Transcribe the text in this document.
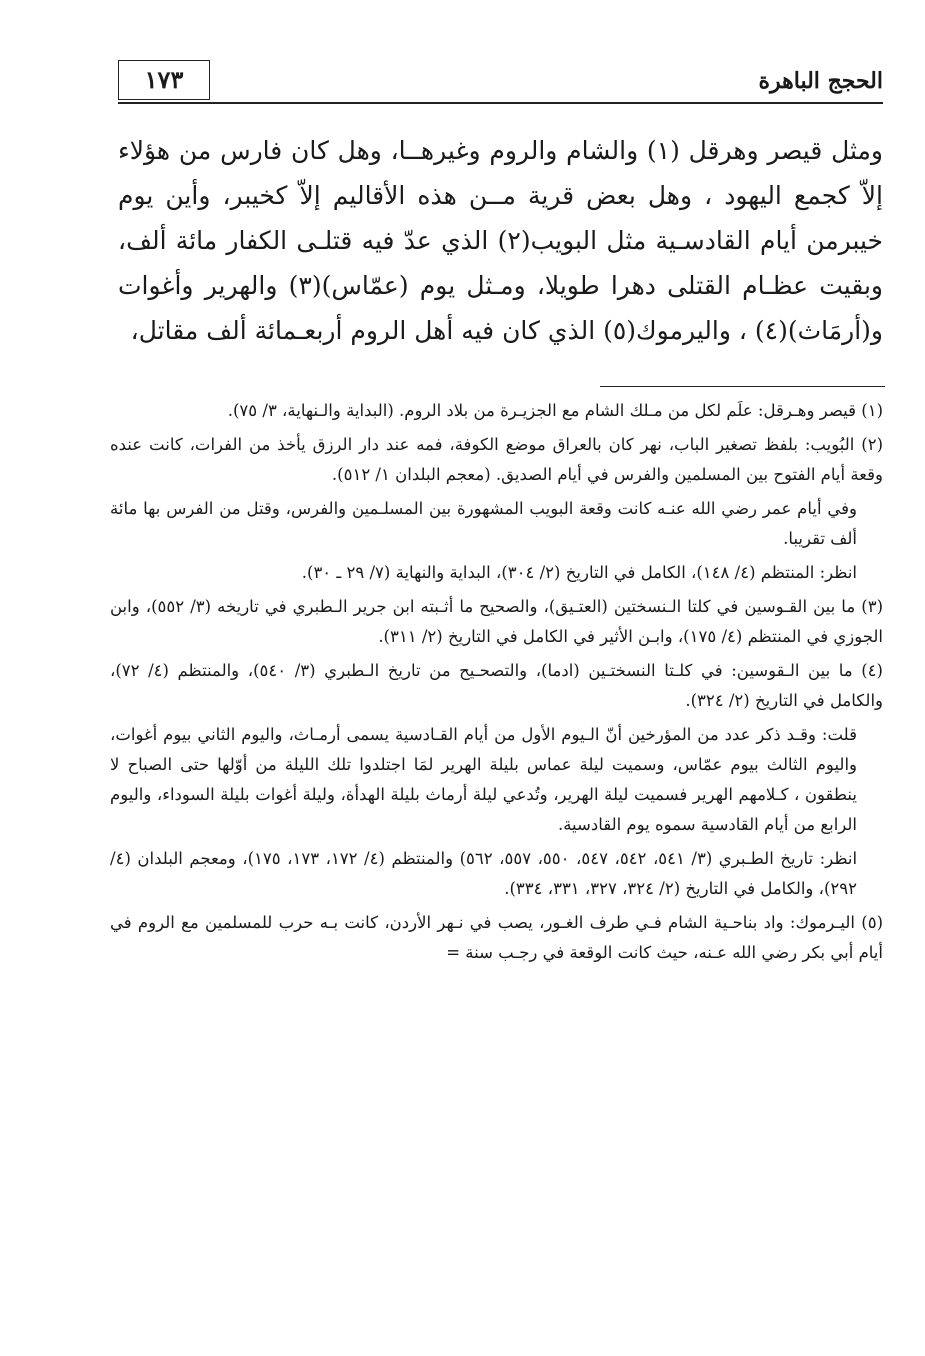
الحجج الباهرة
١٧٣

ومثل قيصر وهرقل (١) والشام والروم وغيرهــا، وهل كان فارس من هؤلاء إلاّ كجمع اليهود ، وهل بعض قرية مــن هذه الأقاليم إلاّ كخيبر، وأين يوم خيبرمن أيام القادسـية مثل البويب(٢) الذي عدّ فيه قتلـى الكفار مائة ألف، وبقيت عظـام القتلى دهرا طويلا، ومـثل يوم (عمّاس)(٣) والهرير وأغوات و(أرمَاث)(٤) ، واليرموك(٥) الذي كان فيه أهل الروم أربعـمائة ألف مقاتل،

(١) قيصر وهـرقل: علَم لكل من مـلك الشام مع الجزيـرة من بلاد الروم. (البداية والـنهاية، ٣/ ٧٥).

(٢) البُويب: بلفظ تصغير الباب، نهر كان بالعراق موضع الكوفة، فمه عند دار الرزق يأخذ من الفرات، كانت عنده وقعة أيام الفتوح بين المسلمين والفرس في أيام الصديق. (معجم البلدان ١/ ٥١٢).

وفي أيام عمر رضي الله عنـه كانت وقعة البويب المشهورة بين المسلـمين والفرس، وقتل من الفرس بها مائة ألف تقريبا.

انظر: المنتظم (٤/ ١٤٨)، الكامل في التاريخ (٢/ ٣٠٤)، البداية والنهاية (٧/ ٢٩ ـ ٣٠).

(٣) ما بين القـوسين في كلتا الـنسختين (العتـيق)، والصحيح ما أثـبته ابن جرير الـطبري في تاريخه (٣/ ٥٥٢)، وابن الجوزي في المنتظم (٤/ ١٧٥)، وابـن الأثير في الكامل في التاريخ (٢/ ٣١١).

(٤) ما بين الـقوسين: في كلـتا النسختـين (ادما)، والتصحـيح من تاريخ الـطبري (٣/ ٥٤٠)، والمنتظم (٤/ ٧٢)، والكامل في التاريخ (٢/ ٣٢٤).

قلت: وقـد ذكر عدد من المؤرخين أنّ الـيوم الأول من أيام القـادسية يسمى أرمـاث، واليوم الثاني بيوم أغوات، واليوم الثالث بيوم عمّاس، وسميت ليلة عماس بليلة الهرير لمَا اجتلدوا تلك الليلة من أوّلها حتى الصباح لا ينطقون ، كـلامهم الهرير فسميت ليلة الهرير، وتُدعي ليلة أرماث بليلة الهدأة، وليلة أغوات بليلة السوداء، واليوم الرابع من أيام القادسية سموه يوم القادسية.

انظر: تاريخ الطـبري (٣/ ٥٤١، ٥٤٢، ٥٤٧، ٥٥٠، ٥٥٧، ٥٦٢) والمنتظم (٤/ ١٧٢، ١٧٣، ١٧٥)، ومعجم البلدان (٤/ ٢٩٢)، والكامل في التاريخ (٢/ ٣٢٤، ٣٢٧، ٣٣١، ٣٣٤).

(٥) اليـرموك: واد بناحـية الشام فـي طرف الغـور، يصب في نـهر الأردن، كانت بـه حرب للمسلمين مع الروم في أيام أبي بكر رضي الله عـنه، حيث كانت الوقعة في رجـب سنة =
